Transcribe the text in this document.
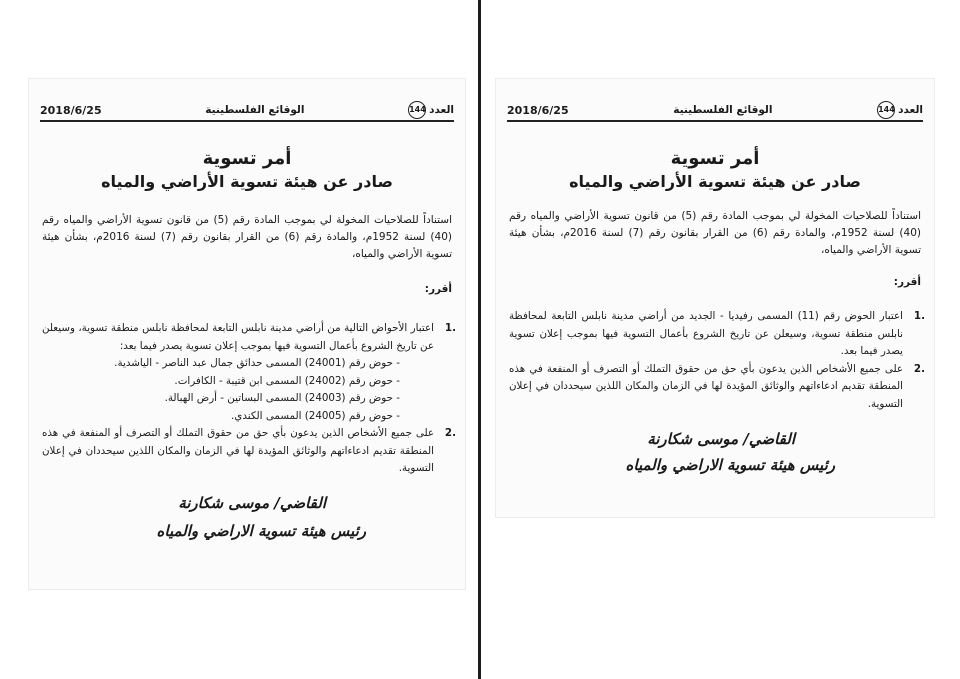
العدد
144
الوقائع الفلسطينية
2018/6/25
أمر تسوية
صادر عن هيئة تسوية الأراضي والمياه
استناداً للصلاحيات المخولة لي بموجب المادة رقم (5) من قانون تسوية الأراضي والمياه رقم (40) لسنة 1952م، والمادة رقم (6) من القرار بقانون رقم (7) لسنة 2016م، بشأن هيئة تسوية الأراضي والمياه،
أقرر:
1.
اعتبار الأحواض التالية من أراضي مدينة نابلس التابعة لمحافظة نابلس منطقة تسوية، وسيعلن عن تاريخ الشروع بأعمال التسوية فيها بموجب إعلان تسوية يصدر فيما بعد:
- حوض رقم (24001) المسمى حدائق جمال عبد الناصر - الياشدية.
- حوض رقم (24002) المسمى ابن قتيبة - الكافرات.
- حوض رقم (24003) المسمى البساتين - أرض الهبالة.
- حوض رقم (24005) المسمى الكندي.
2.
على جميع الأشخاص الذين يدعون بأي حق من حقوق التملك أو التصرف أو المنفعة في هذه المنطقة تقديم ادعاءاتهم والوثائق المؤيدة لها في الزمان والمكان اللذين سيحددان في إعلان التسوية.
القاضي/ موسى شكارنة
رئيس هيئة تسوية الاراضي والمياه
العدد
144
الوقائع الفلسطينية
2018/6/25
أمر تسوية
صادر عن هيئة تسوية الأراضي والمياه
استناداً للصلاحيات المخولة لي بموجب المادة رقم (5) من قانون تسوية الأراضي والمياه رقم (40) لسنة 1952م، والمادة رقم (6) من القرار بقانون رقم (7) لسنة 2016م، بشأن هيئة تسوية الأراضي والمياه،
أقرر:
1.
اعتبار الحوض رقم (11) المسمى رفيديا - الجديد من أراضي مدينة نابلس التابعة لمحافظة نابلس منطقة تسوية، وسيعلن عن تاريخ الشروع بأعمال التسوية فيها بموجب إعلان تسوية يصدر فيما بعد.
2.
على جميع الأشخاص الذين يدعون بأي حق من حقوق التملك أو التصرف أو المنفعة في هذه المنطقة تقديم ادعاءاتهم والوثائق المؤيدة لها في الزمان والمكان اللذين سيحددان في إعلان التسوية.
القاضي/ موسى شكارنة
رئيس هيئة تسوية الاراضي والمياه
